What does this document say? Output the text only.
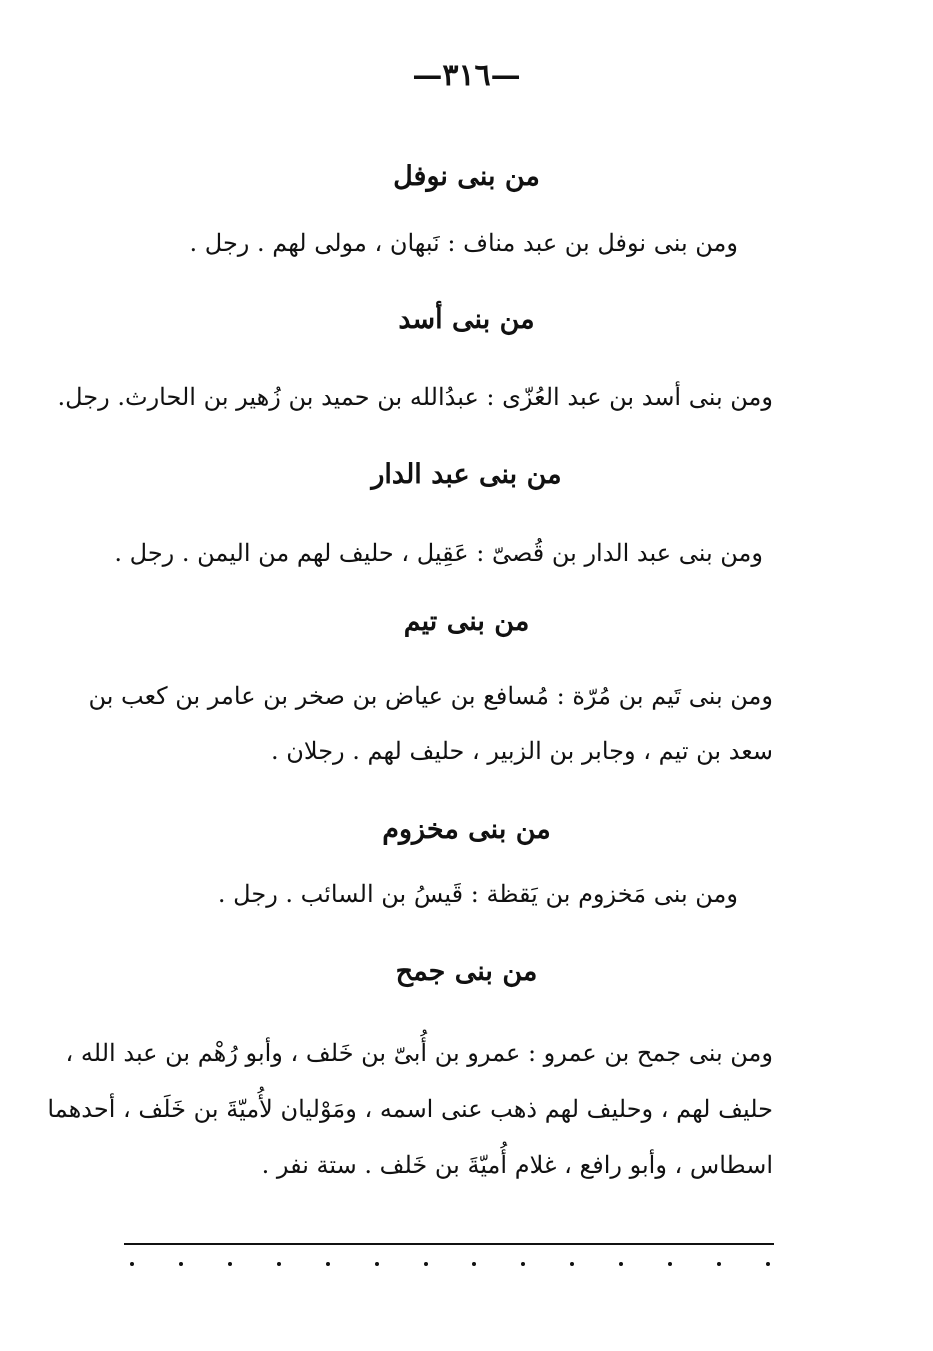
—٣١٦—
من بنى نوفل
ومن بنى نوفل بن عبد مناف : نَبهان ، مولى لهم . رجل .
من بنى أسد
ومن بنى أسد بن عبد العُزّى : عبدُالله بن حميد بن زُهير بن الحارث. رجل.
من بنى عبد الدار
ومن بنى عبد الدار بن قُصىّ : عَقِيل ، حليف لهم من اليمن . رجل .
من بنى تيم
ومن بنى تَيم بن مُرّة : مُسافع بن عياض بن صخر بن عامر بن كعب بن
سعد بن تيم ، وجابر بن الزبير ، حليف لهم . رجلان .
من بنى مخزوم
ومن بنى مَخزوم بن يَقظة : قَيسُ بن السائب . رجل .
من بنى جمح
ومن بنى جمح بن عمرو : عمرو بن أُبىّ بن خَلف ، وأبو رُهْم بن عبد الله ،
حليف لهم ، وحليف لهم ذهب عنى اسمه ، ومَوْليان لأُميّةَ بن خَلَف ، أحدهما
اسطاس ، وأبو رافع ، غلام أُميّةَ بن خَلف . ستة نفر .
